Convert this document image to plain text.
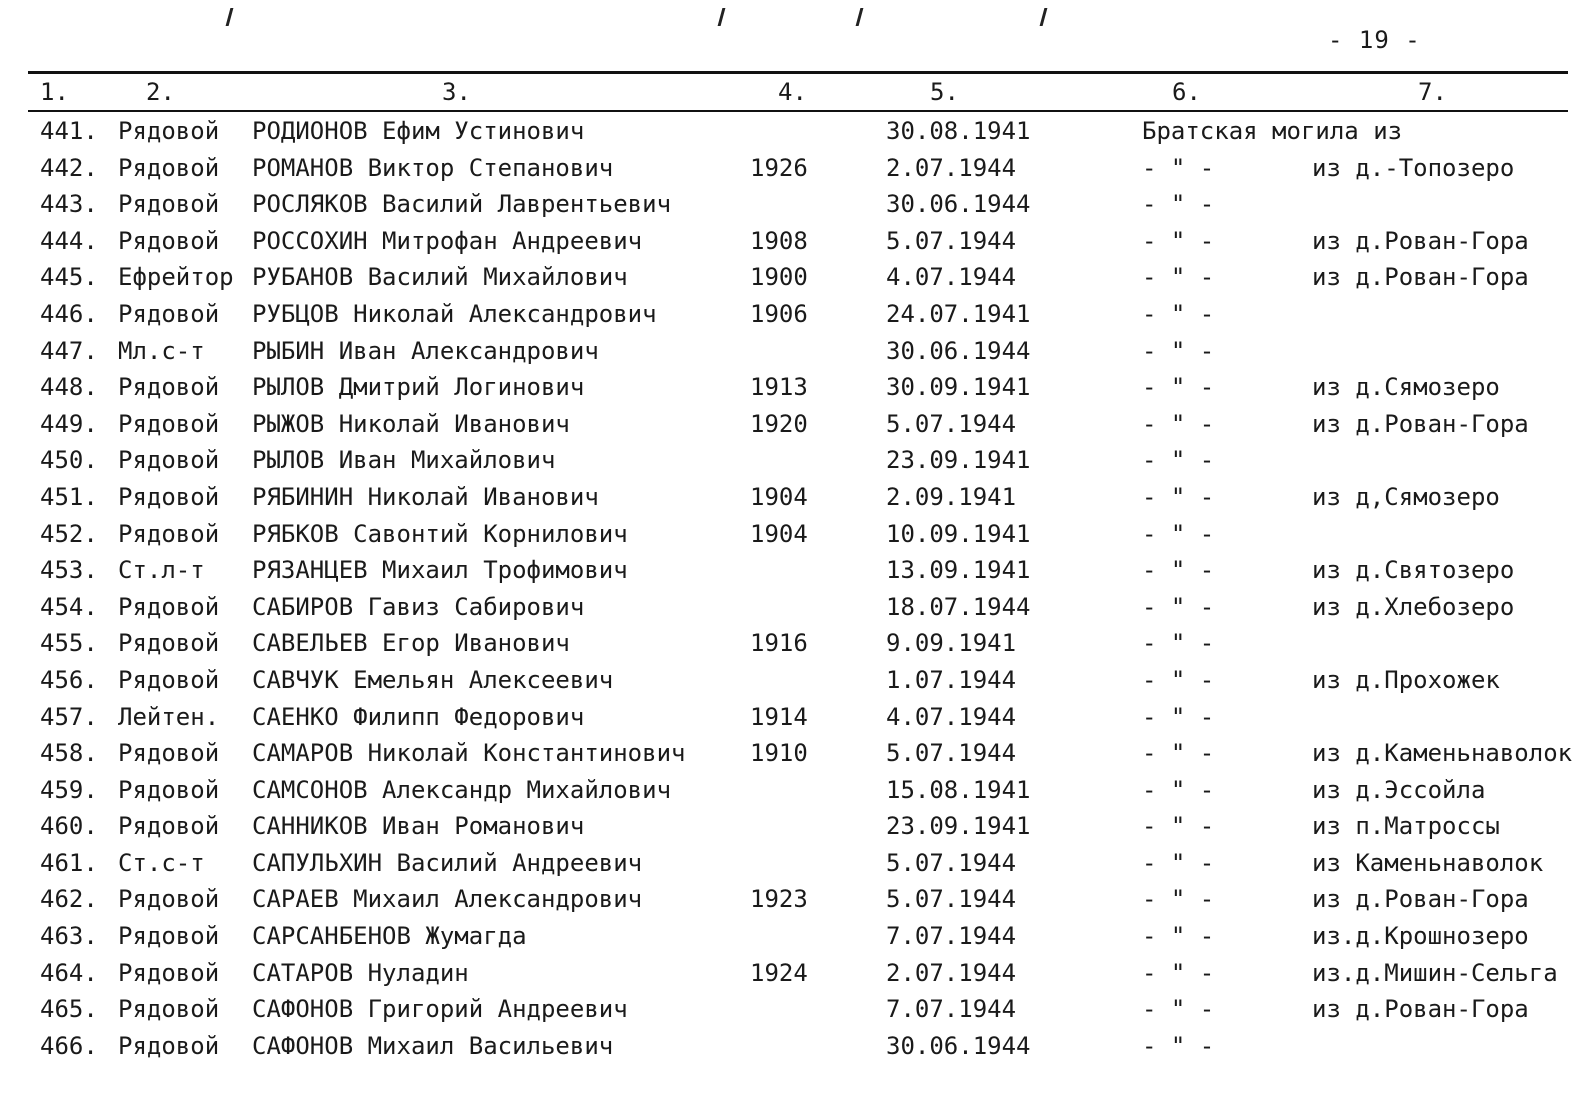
- 19 -
1.	2.	3.	4.	5.	6.	7.
441. Рядовой РОДИОНОВ Ефим Устинович	30.08.1941	Братская могила из
442. Рядовой РОМАНОВ Виктор Степанович	1926	2.07.1944	- " -	из д.-Топозеро
443. Рядовой РОСЛЯКОВ Василий Лаврентьевич	30.06.1944	- " -
444. Рядовой РОССОХИН Митрофан Андреевич	1908	5.07.1944	- " -	из д.Рован-Гора
445. Ефрейтор РУБАНОВ Василий Михайлович	1900	4.07.1944	- " -	из д.Рован-Гора
446. Рядовой РУБЦОВ Николай Александрович	1906	24.07.1941	- " -
447. Мл.с-т РЫБИН Иван Александрович	30.06.1944	- " -
448. Рядовой РЫЛОВ Дмитрий Логинович	1913	30.09.1941	- " -	из д.Сямозеро
449. Рядовой РЫЖОВ Николай Иванович	1920	5.07.1944	- " -	из д.Рован-Гора
450. Рядовой РЫЛОВ Иван Михайлович	23.09.1941	- " -
451. Рядовой РЯБИНИН Николай Иванович	1904	2.09.1941	- " -	из д,Сямозеро
452. Рядовой РЯБКОВ Савонтий Корнилович	1904	10.09.1941	- " -
453. Ст.л-т РЯЗАНЦЕВ Михаил Трофимович	13.09.1941	- " -	из д.Святозеро
454. Рядовой САБИРОВ Гавиз Сабирович	18.07.1944	- " -	из д.Хлебозеро
455. Рядовой САВЕЛЬЕВ Егор Иванович	1916	9.09.1941	- " -
456. Рядовой САВЧУК Емельян Алексеевич	1.07.1944	- " -	из д.Прохожек
457. Лейтен. САЕНКО Филипп Федорович	1914	4.07.1944	- " -
458. Рядовой САМАРОВ Николай Константинович	1910	5.07.1944	- " -	из д.Каменьнаволок
459. Рядовой САМСОНОВ Александр Михайлович	15.08.1941	- " -	из д.Эссойла
460. Рядовой САННИКОВ Иван Романович	23.09.1941	- " -	из п.Матроссы
461. Ст.с-т САПУЛЬХИН Василий Андреевич	5.07.1944	- " -	из Каменьнаволок
462. Рядовой САРАЕВ Михаил Александрович	1923	5.07.1944	- " -	из д.Рован-Гора
463. Рядовой САРСАНБЕНОВ Жумагда	7.07.1944	- " -	из.д.Крошнозеро
464. Рядовой САТАРОВ Нуладин	1924	2.07.1944	- " -	из.д.Мишин-Сельга
465. Рядовой САФОНОВ Григорий Андреевич	7.07.1944	- " -	из д.Рован-Гора
466. Рядовой САФОНОВ Михаил Васильевич	30.06.1944	- " -
